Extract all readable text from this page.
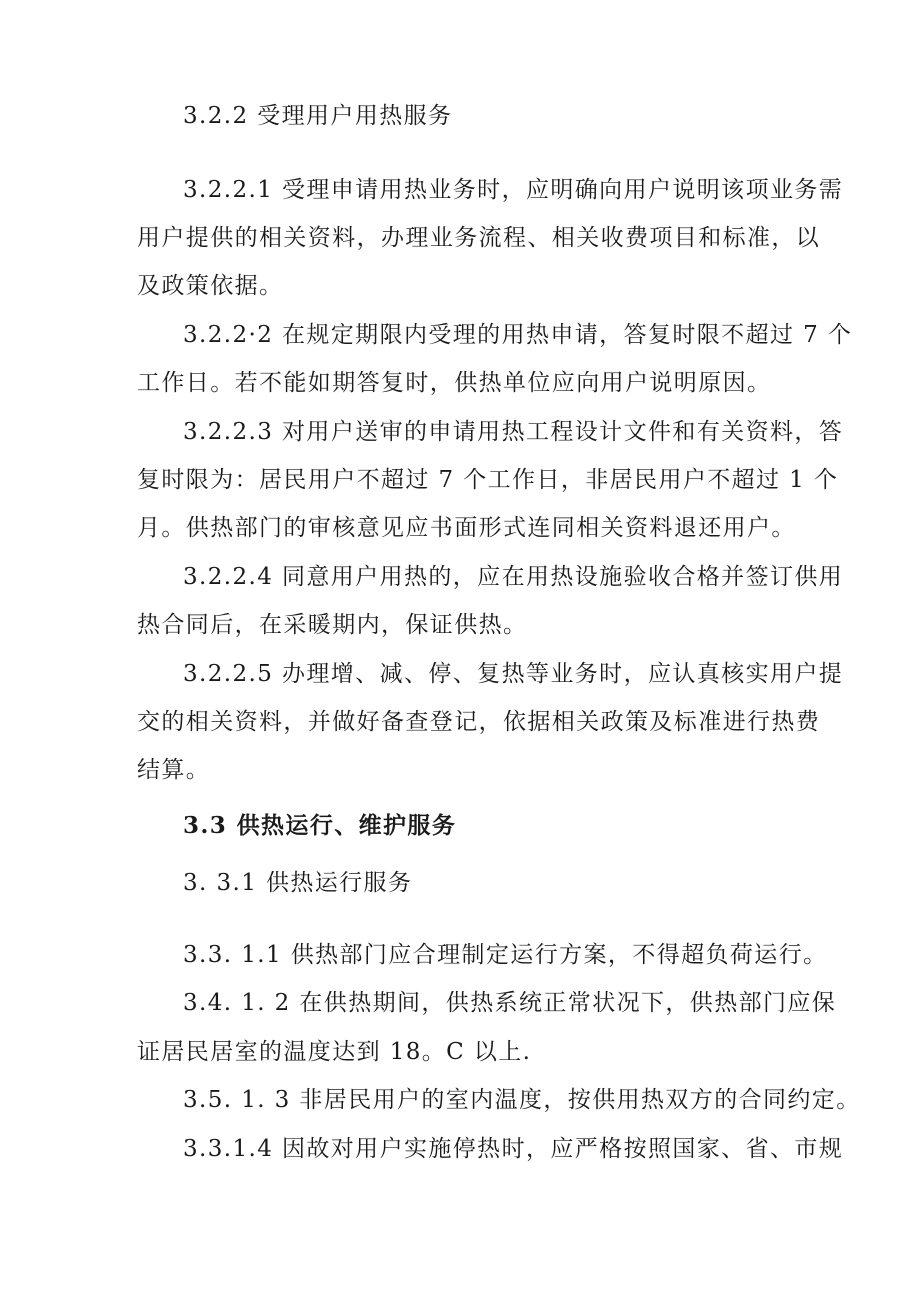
3.2.2 受理用户用热服务
3.2.2.1 受理申请用热业务时，应明确向用户说明该项业务需
用户提供的相关资料，办理业务流程、相关收费项目和标准，以
及政策依据。
3.2.2·2 在规定期限内受理的用热申请，答复时限不超过 7 个
工作日。若不能如期答复时，供热单位应向用户说明原因。
3.2.2.3 对用户送审的申请用热工程设计文件和有关资料，答
复时限为：居民用户不超过 7 个工作日，非居民用户不超过 1 个
月。供热部门的审核意见应书面形式连同相关资料退还用户。
3.2.2.4 同意用户用热的，应在用热设施验收合格并签订供用
热合同后，在采暖期内，保证供热。
3.2.2.5 办理增、减、停、复热等业务时，应认真核实用户提
交的相关资料，并做好备查登记，依据相关政策及标准进行热费
结算。
3.3 供热运行、维护服务
3. 3.1 供热运行服务
3.3. 1.1 供热部门应合理制定运行方案，不得超负荷运行。
3.4. 1. 2 在供热期间，供热系统正常状况下，供热部门应保
证居民居室的温度达到 18。C 以上.
3.5. 1. 3 非居民用户的室内温度，按供用热双方的合同约定。
3.3.1.4 因故对用户实施停热时，应严格按照国家、省、市规
